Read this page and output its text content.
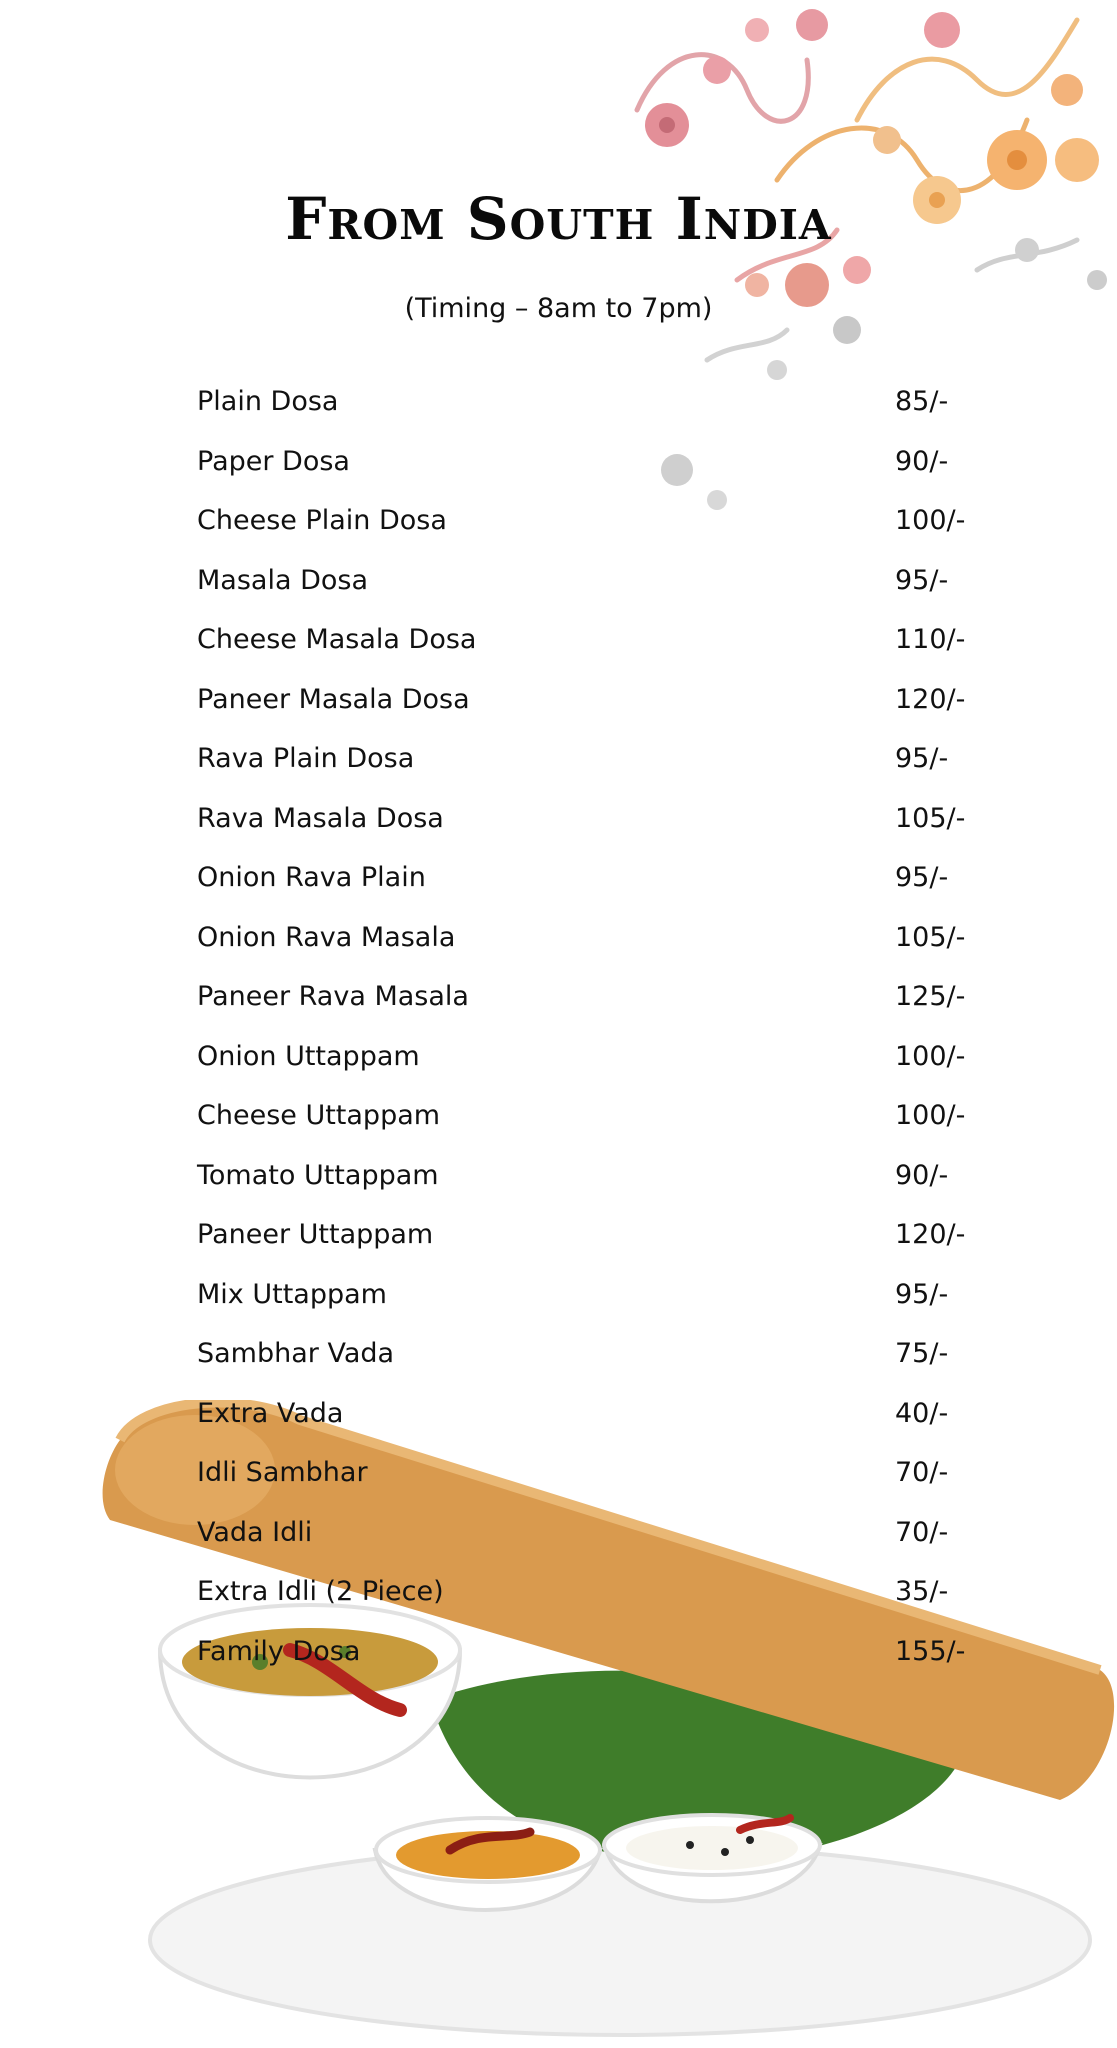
From South India
(Timing – 8am to 7pm)
Plain Dosa	85/-
Paper Dosa	90/-
Cheese Plain Dosa	100/-
Masala Dosa	95/-
Cheese Masala Dosa	110/-
Paneer Masala Dosa	120/-
Rava Plain Dosa	95/-
Rava Masala Dosa	105/-
Onion Rava Plain	95/-
Onion Rava Masala	105/-
Paneer Rava Masala	125/-
Onion Uttappam	100/-
Cheese Uttappam	100/-
Tomato Uttappam	90/-
Paneer Uttappam	120/-
Mix Uttappam	95/-
Sambhar Vada	75/-
Extra Vada	40/-
Idli Sambhar	70/-
Vada Idli	70/-
Extra Idli (2 Piece)	35/-
Family Dosa	155/-
